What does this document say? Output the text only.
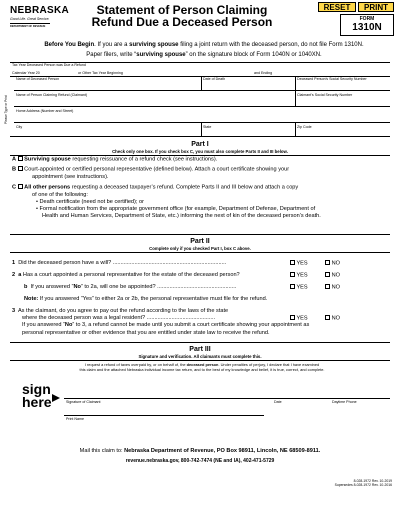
NEBRASKA
Good Life. Great Service.
DEPARTMENT OF REVENUE
Statement of Person Claiming
Refund Due a Deceased Person
RESET	PRINT
FORM
1310N
Before You Begin. If you are a surviving spouse filing a joint return with the deceased person, do not file Form 1310N.
Paper filers, write “surviving spouse” on the signature block of Form 1040N or 1040XN.
Tax Year Deceased Person was Due a Refund
Calendar Year 20	or Other Tax Year Beginning	and Ending
Please Type or Print
Name of Deceased Person	Date of Death	Deceased Person’s Social Security Number
Name of Person Claiming Refund (Claimant)	Claimant’s Social Security Number
Home Address (Number and Street)
City	State	Zip Code
Part I
Check only one box. If you check box C, you must also complete Parts II and III below.
A Surviving spouse requesting reissuance of a refund check (see instructions).
B Court-appointed or certified personal representative (defined below). Attach a court certificate showing your
appointment (see instructions).
C All other persons requesting a deceased taxpayer’s refund. Complete Parts II and III below and attach a copy
of one of the following:
• Death certificate (need not be certified); or
• Formal notification from the appropriate government office (for example, Department of Defense, Department of
Health and Human Services, Department of State, etc.) informing the next of kin of the deceased person’s death.
Part II
Complete only if you checked Part I, box C above.
1 Did the deceased person have a will? .........................................................................	YES	NO
2 a Has a court appointed a personal representative for the estate of the deceased person?	YES	NO
b If you answered “No” to 2a, will one be appointed? ...................................................	YES	NO
Note: If you answered “Yes” to either 2a or 2b, the personal representative must file for the refund.
3 As the claimant, do you agree to pay out the refund according to the laws of the state
where the deceased person was a legal resident? ............................................
If you answered “No” to 3, a refund cannot be made until you submit a court certificate showing your appointment as
personal representative or other evidence that you are entitled under state law to receive the refund.
YES	NO
Part III
Signature and verification. All claimants must complete this.
I request a refund of taxes overpaid by, or on behalf of, the deceased person. Under penalties of perjury, I declare that I have examined
this claim and the attached Nebraska individual income tax return, and to the best of my knowledge and belief, it is true, correct, and complete.
sign
here	Signature of Claimant	Date	Daytime Phone
Print Name
Mail this claim to: Nebraska Department of Revenue, PO Box 98911, Lincoln, NE 68509-8911.
revenue.nebraska.gov, 800-742-7474 (NE and IA), 402-471-5729
8-028-1972 Rev. 10-2019
Supersedes 8-028-1972 Rev. 10-2016
